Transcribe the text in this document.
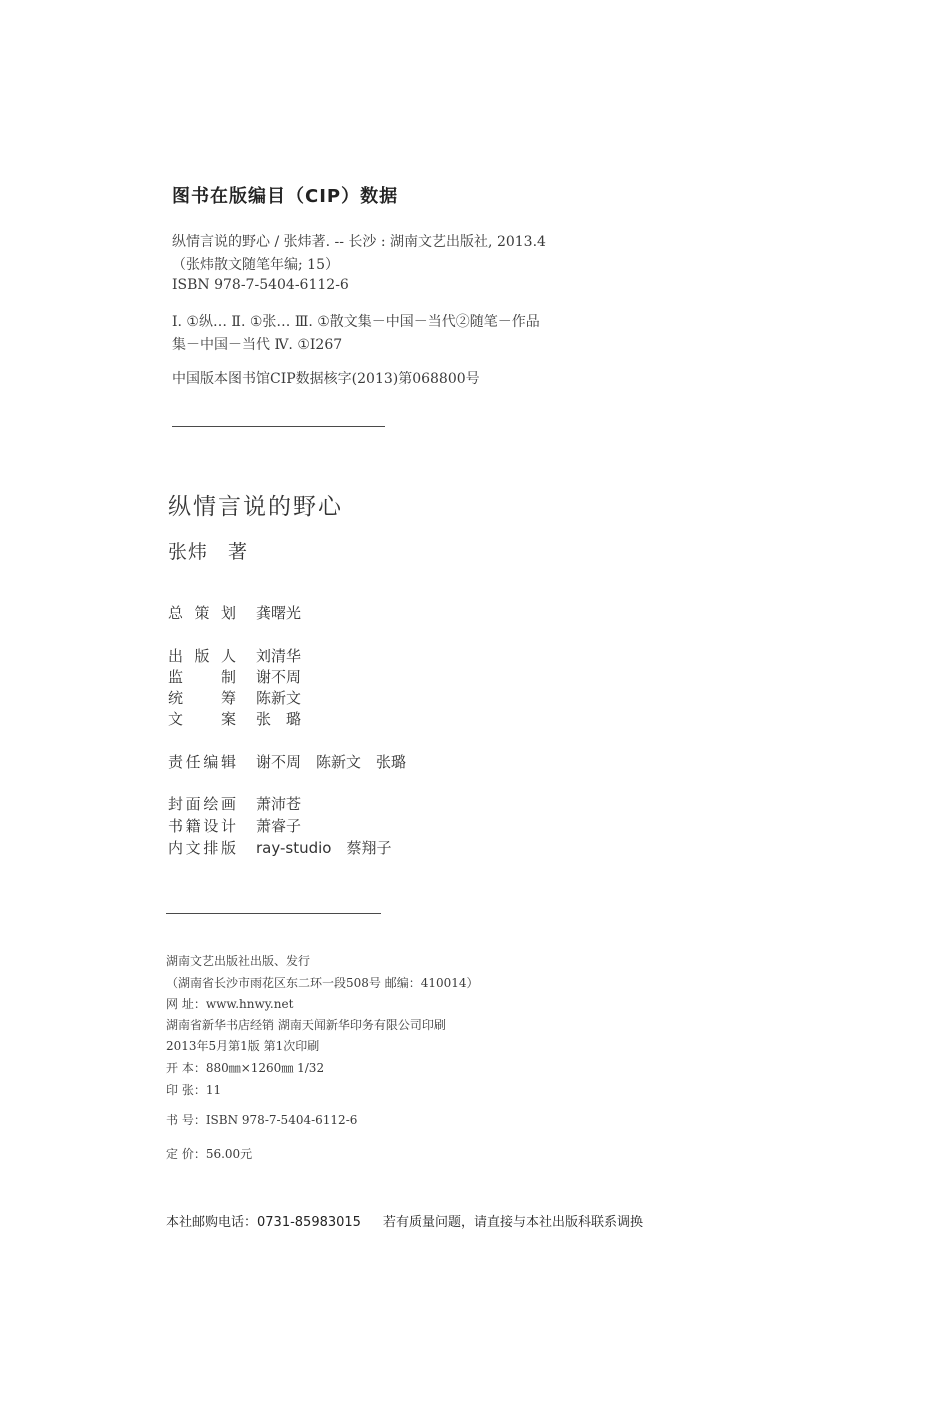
图书在版编目（CIP）数据
纵情言说的野心 / 张炜著. -- 长沙 : 湖南文艺出版社, 2013.4
（张炜散文随笔年编; 15）
ISBN 978-7-5404-6112-6
Ⅰ. ①纵… Ⅱ. ①张… Ⅲ. ①散文集－中国－当代②随笔－作品
集－中国－当代 Ⅳ. ①I267
中国版本图书馆CIP数据核字(2013)第068800号
纵情言说的野心
张炜　著
总策划 龚曙光
出版人 刘清华
监制 谢不周
统筹 陈新文
文案 张　璐
责任编辑 谢不周　陈新文　张璐
封面绘画 萧沛苍
书籍设计 萧睿子
内文排版 ray-studio　蔡翔子
湖南文艺出版社出版、发行
（湖南省长沙市雨花区东二环一段508号 邮编：410014）
网 址：www.hnwy.net
湖南省新华书店经销 湖南天闻新华印务有限公司印刷
2013年5月第1版 第1次印刷
开 本：880㎜×1260㎜ 1/32
印 张：11
书 号：ISBN 978-7-5404-6112-6
定 价：56.00元
本社邮购电话：0731-85983015 若有质量问题，请直接与本社出版科联系调换
